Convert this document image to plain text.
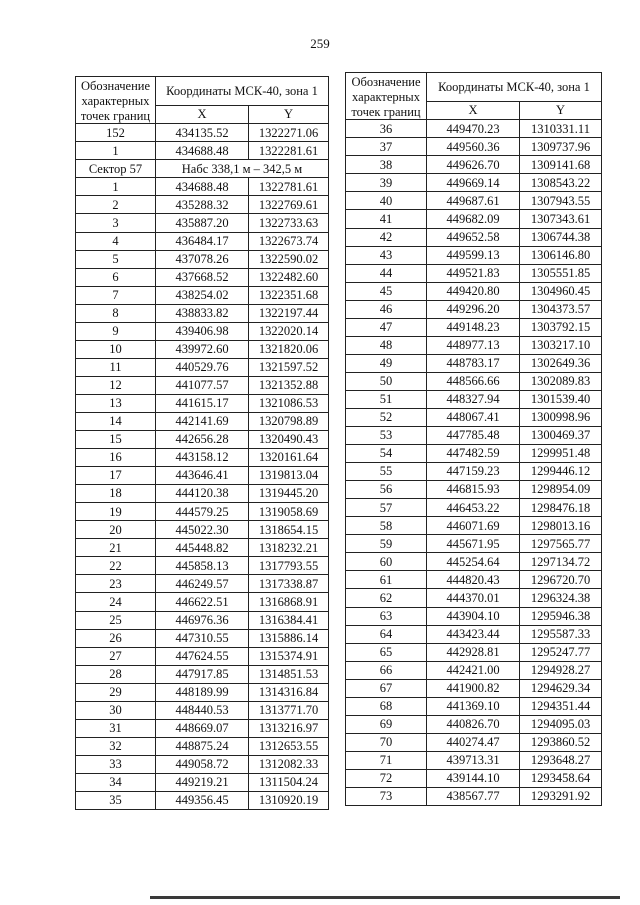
259
Обозначение характерных точек границ	Координаты МСК-40, зона 1	
	X	Y
152	434135.52	1322271.06
1	434688.48	1322281.61
Сектор 57	Набс 338,1 м – 342,5 м	
1	434688.48	1322781.61
2	435288.32	1322769.61
3	435887.20	1322733.63
4	436484.17	1322673.74
5	437078.26	1322590.02
6	437668.52	1322482.60
7	438254.02	1322351.68
8	438833.82	1322197.44
9	439406.98	1322020.14
10	439972.60	1321820.06
11	440529.76	1321597.52
12	441077.57	1321352.88
13	441615.17	1321086.53
14	442141.69	1320798.89
15	442656.28	1320490.43
16	443158.12	1320161.64
17	443646.41	1319813.04
18	444120.38	1319445.20
19	444579.25	1319058.69
20	445022.30	1318654.15
21	445448.82	1318232.21
22	445858.13	1317793.55
23	446249.57	1317338.87
24	446622.51	1316868.91
25	446976.36	1316384.41
26	447310.55	1315886.14
27	447624.55	1315374.91
28	447917.85	1314851.53
29	448189.99	1314316.84
30	448440.53	1313771.70
31	448669.07	1313216.97
32	448875.24	1312653.55
33	449058.72	1312082.33
34	449219.21	1311504.24
35	449356.45	1310920.19
Обозначение характерных точек границ	Координаты МСК-40, зона 1	
	X	Y
36	449470.23	1310331.11
37	449560.36	1309737.96
38	449626.70	1309141.68
39	449669.14	1308543.22
40	449687.61	1307943.55
41	449682.09	1307343.61
42	449652.58	1306744.38
43	449599.13	1306146.80
44	449521.83	1305551.85
45	449420.80	1304960.45
46	449296.20	1304373.57
47	449148.23	1303792.15
48	448977.13	1303217.10
49	448783.17	1302649.36
50	448566.66	1302089.83
51	448327.94	1301539.40
52	448067.41	1300998.96
53	447785.48	1300469.37
54	447482.59	1299951.48
55	447159.23	1299446.12
56	446815.93	1298954.09
57	446453.22	1298476.18
58	446071.69	1298013.16
59	445671.95	1297565.77
60	445254.64	1297134.72
61	444820.43	1296720.70
62	444370.01	1296324.38
63	443904.10	1295946.38
64	443423.44	1295587.33
65	442928.81	1295247.77
66	442421.00	1294928.27
67	441900.82	1294629.34
68	441369.10	1294351.44
69	440826.70	1294095.03
70	440274.47	1293860.52
71	439713.31	1293648.27
72	439144.10	1293458.64
73	438567.77	1293291.92
